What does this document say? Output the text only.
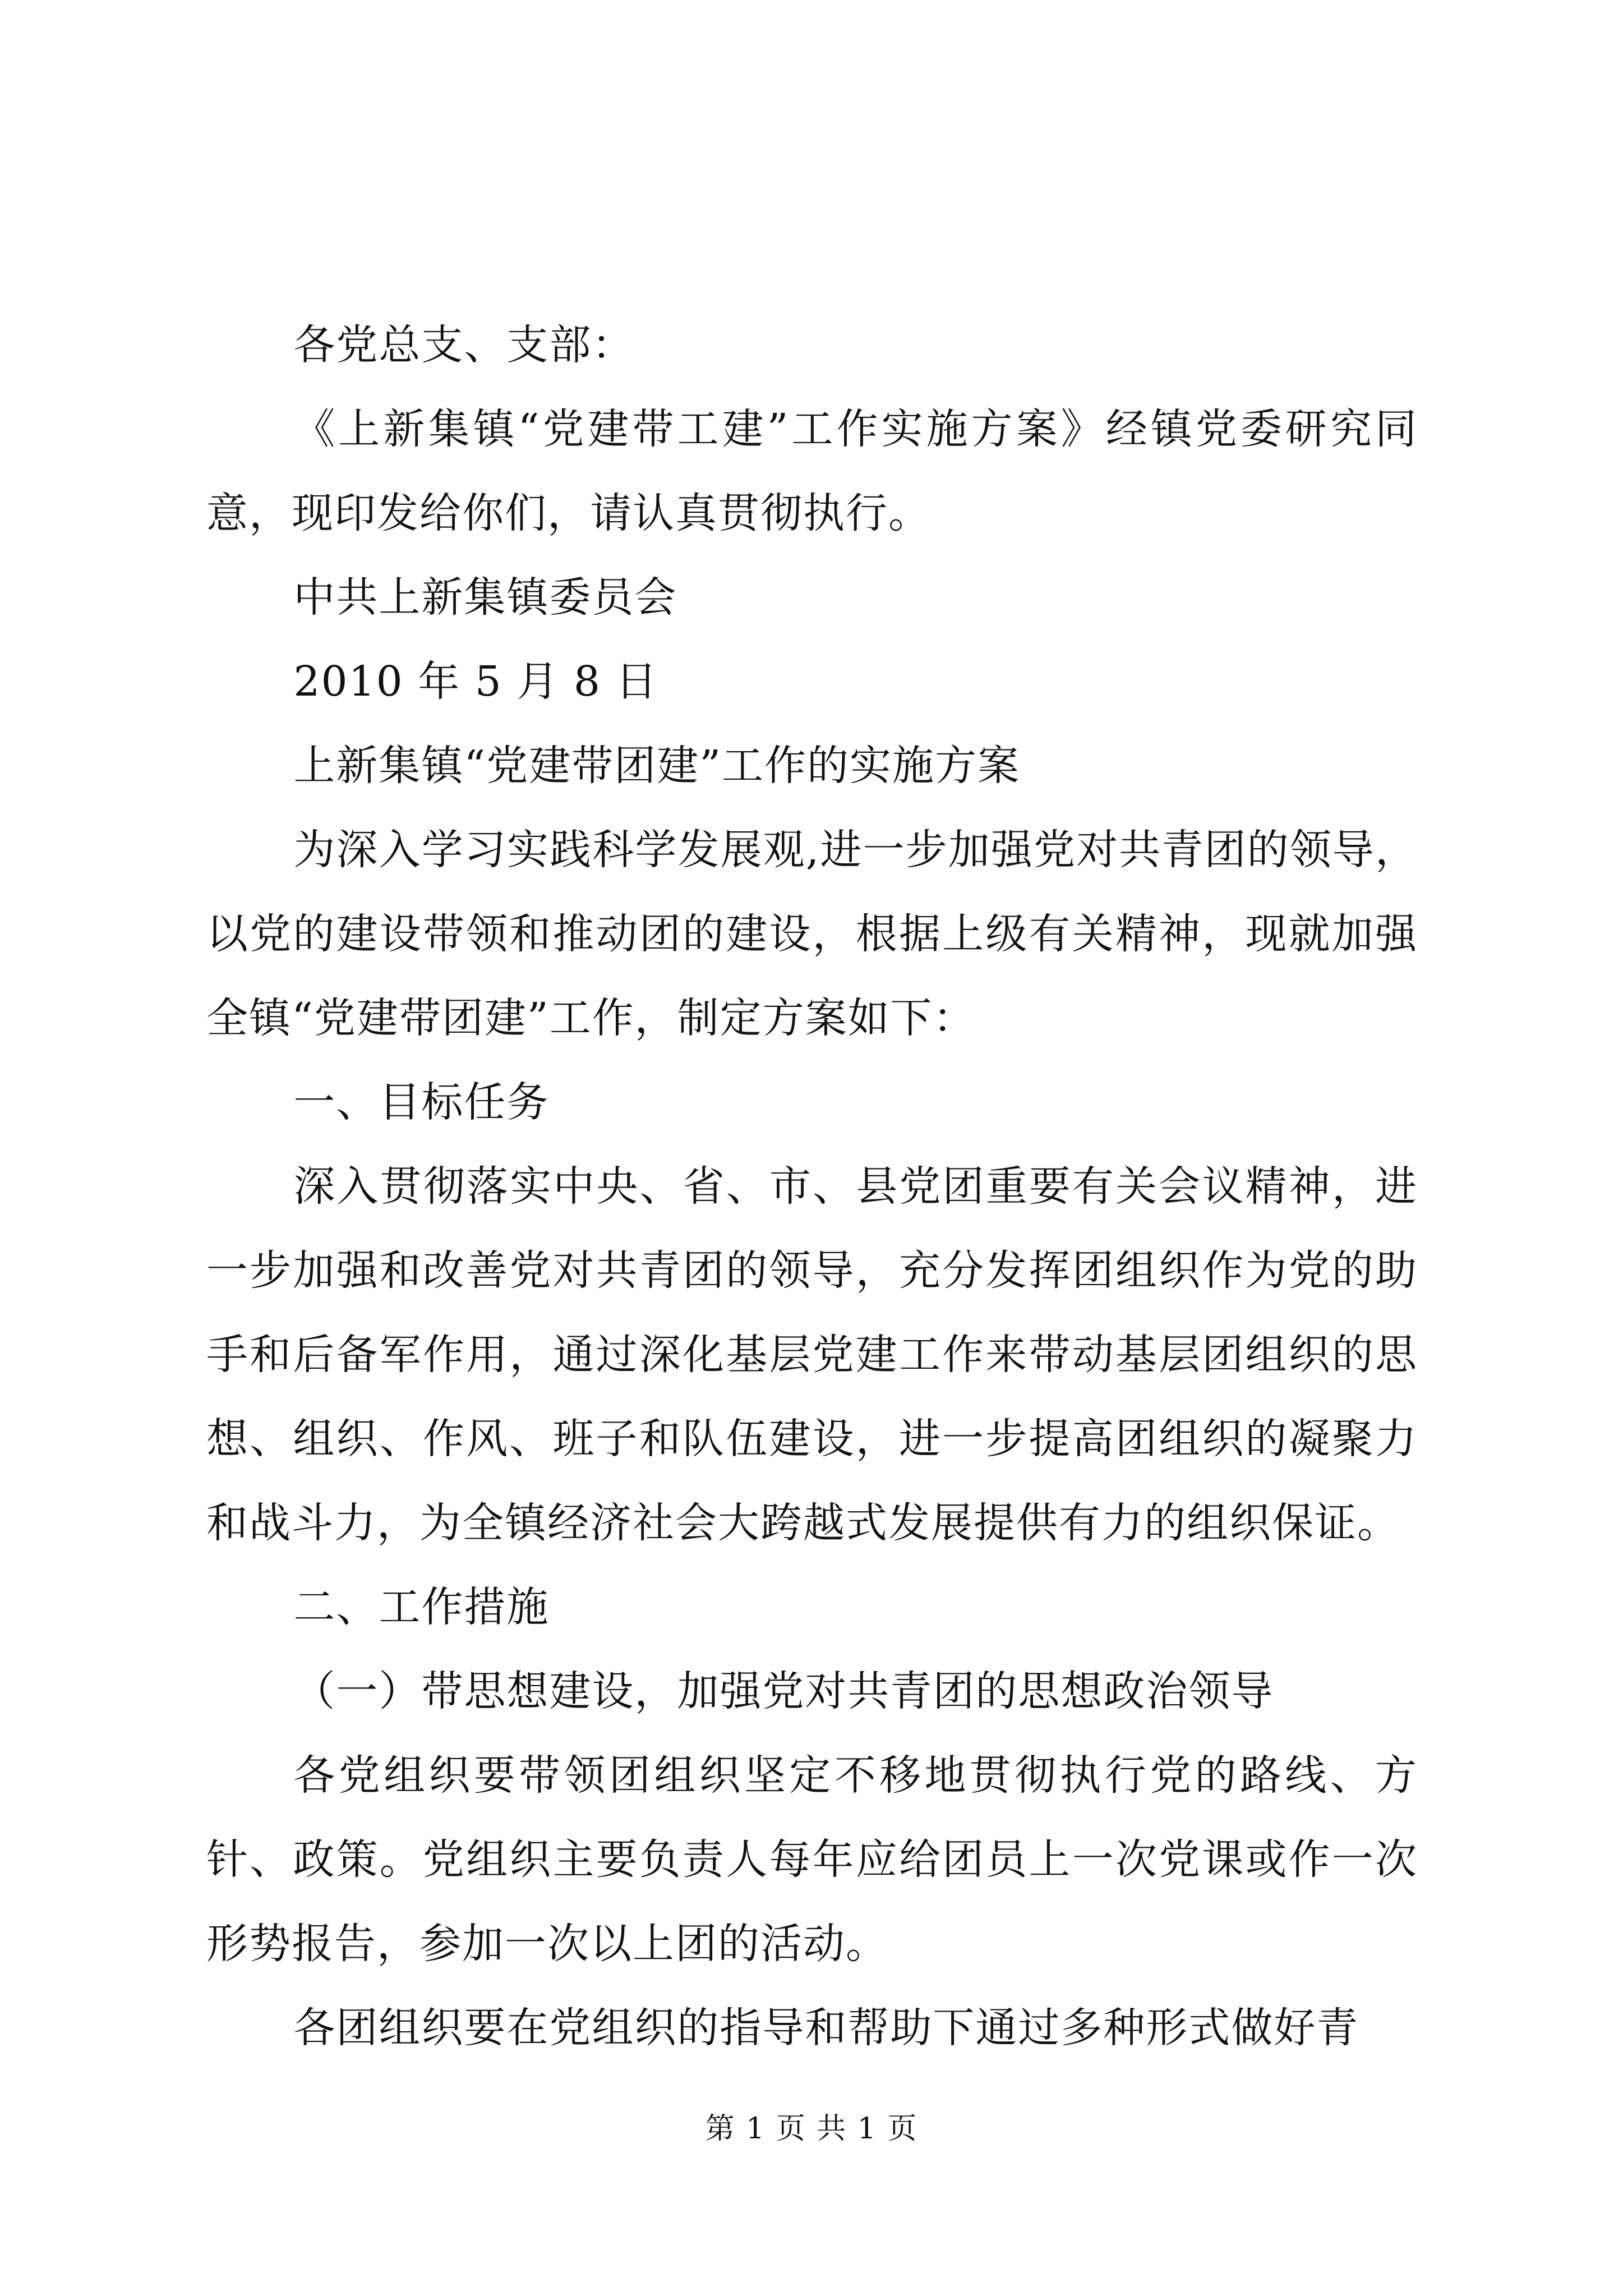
各党总支、支部：

《上新集镇“党建带工建”工作实施方案》经镇党委研究同意，现印发给你们，请认真贯彻执行。

中共上新集镇委员会

2010 年 5 月 8 日

上新集镇“党建带团建”工作的实施方案

为深入学习实践科学发展观,进一步加强党对共青团的领导，以党的建设带领和推动团的建设，根据上级有关精神，现就加强全镇“党建带团建”工作，制定方案如下：

一、目标任务

深入贯彻落实中央、省、市、县党团重要有关会议精神，进一步加强和改善党对共青团的领导，充分发挥团组织作为党的助手和后备军作用，通过深化基层党建工作来带动基层团组织的思想、组织、作风、班子和队伍建设，进一步提高团组织的凝聚力和战斗力，为全镇经济社会大跨越式发展提供有力的组织保证。

二、工作措施

（一）带思想建设，加强党对共青团的思想政治领导

各党组织要带领团组织坚定不移地贯彻执行党的路线、方针、政策。党组织主要负责人每年应给团员上一次党课或作一次形势报告，参加一次以上团的活动。

各团组织要在党组织的指导和帮助下通过多种形式做好青

第 1 页 共 1 页
